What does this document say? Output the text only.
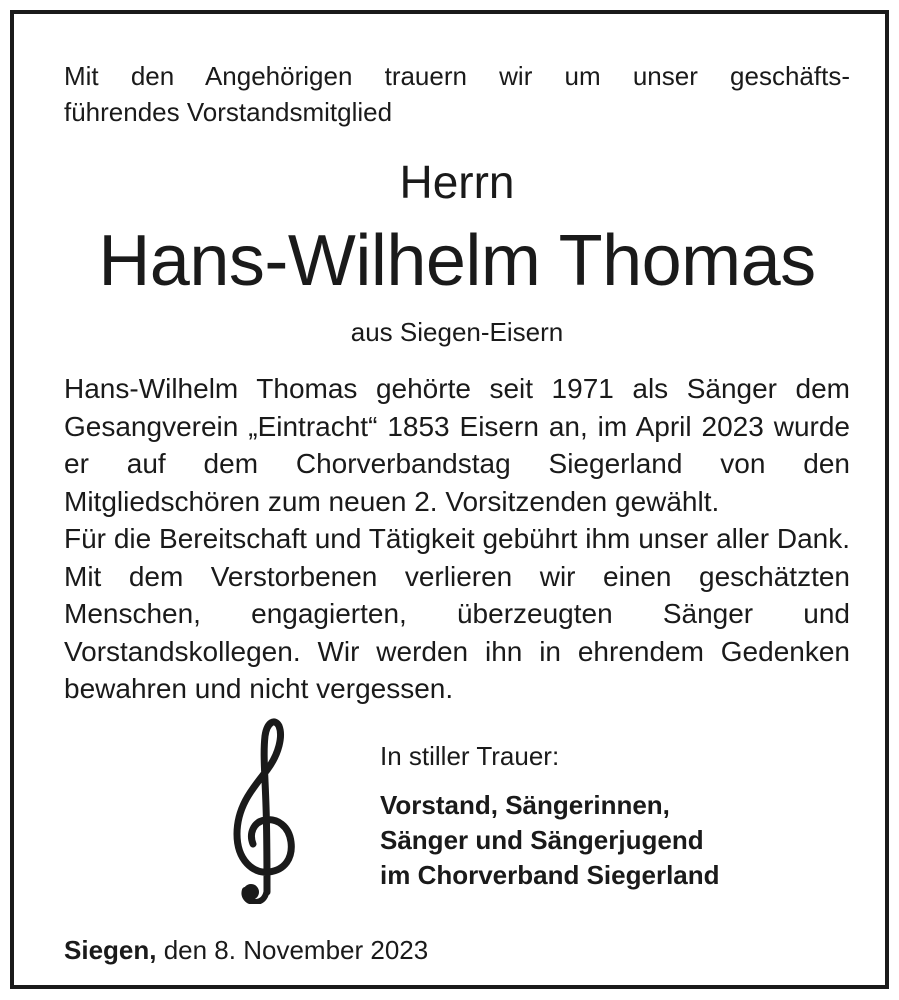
Mit den Angehörigen trauern wir um unser geschäfts-
führendes Vorstandsmitglied
Herrn
Hans-Wilhelm Thomas
aus Siegen-Eisern
Hans-Wilhelm Thomas gehörte seit 1971 als Sänger dem Gesangverein „Eintracht“ 1853 Eisern an, im April 2023 wurde er auf dem Chorverbandstag Siegerland von den Mitgliedschören zum neuen 2. Vorsitzenden gewählt.
Für die Bereitschaft und Tätigkeit gebührt ihm unser aller Dank. Mit dem Verstorbenen verlieren wir einen geschätzten Menschen, engagierten, überzeugten Sänger und Vorstandskollegen. Wir werden ihn in ehrendem Gedenken bewahren und nicht vergessen.
In stiller Trauer:
Vorstand, Sängerinnen,
Sänger und Sängerjugend
im Chorverband Siegerland
Siegen, den 8. November 2023
